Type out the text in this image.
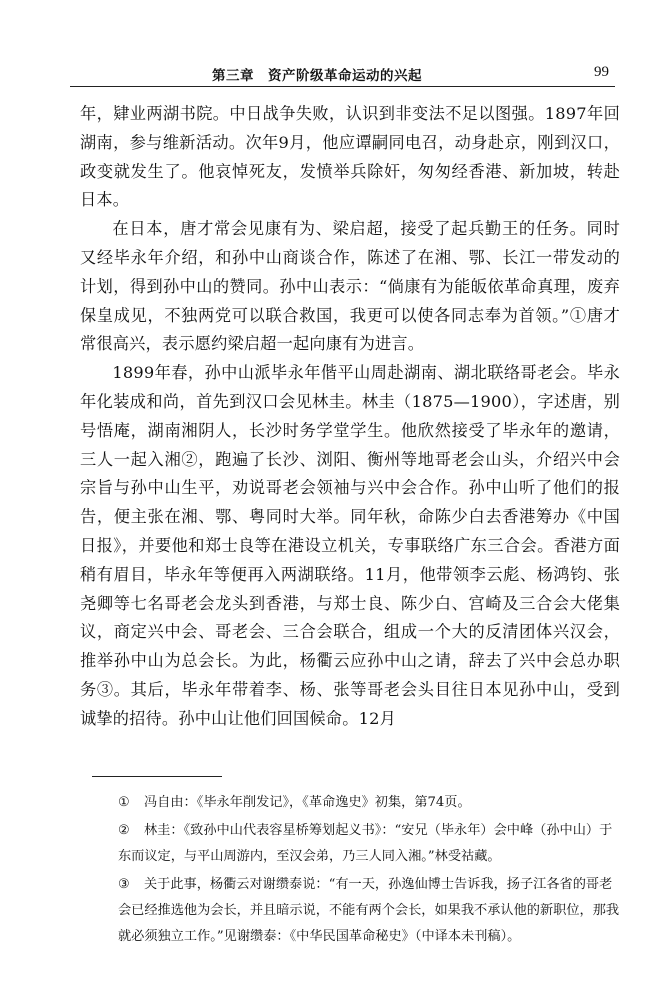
第三章　资产阶级革命运动的兴起	99

年，肄业两湖书院。中日战争失败，认识到非变法不足以图强。1897年回湖南，参与维新活动。次年9月，他应谭嗣同电召，动身赴京，刚到汉口，政变就发生了。他哀悼死友，发愤举兵除奸，匆匆经香港、新加坡，转赴日本。

在日本，唐才常会见康有为、梁启超，接受了起兵勤王的任务。同时又经毕永年介绍，和孙中山商谈合作，陈述了在湘、鄂、长江一带发动的计划，得到孙中山的赞同。孙中山表示：“倘康有为能皈依革命真理，废弃保皇成见，不独两党可以联合救国，我更可以使各同志奉为首领。”①唐才常很高兴，表示愿约梁启超一起向康有为进言。

1899年春，孙中山派毕永年偕平山周赴湖南、湖北联络哥老会。毕永年化装成和尚，首先到汉口会见林圭。林圭（1875—1900），字述唐，别号悟庵，湖南湘阴人，长沙时务学堂学生。他欣然接受了毕永年的邀请，三人一起入湘②，跑遍了长沙、浏阳、衡州等地哥老会山头，介绍兴中会宗旨与孙中山生平，劝说哥老会领袖与兴中会合作。孙中山听了他们的报告，便主张在湘、鄂、粤同时大举。同年秋，命陈少白去香港筹办《中国日报》，并要他和郑士良等在港设立机关，专事联络广东三合会。香港方面稍有眉目，毕永年等便再入两湖联络。11月，他带领李云彪、杨鸿钧、张尧卿等七名哥老会龙头到香港，与郑士良、陈少白、宫崎及三合会大佬集议，商定兴中会、哥老会、三合会联合，组成一个大的反清团体兴汉会，推举孙中山为总会长。为此，杨衢云应孙中山之请，辞去了兴中会总办职务③。其后，毕永年带着李、杨、张等哥老会头目往日本见孙中山，受到诚挚的招待。孙中山让他们回国候命。12月

① 冯自由：《毕永年削发记》，《革命逸史》初集，第74页。

② 林圭：《致孙中山代表容星桥筹划起义书》：“安兄（毕永年）会中峰（孙中山）于东而议定，与平山周游内，至汉会弟，乃三人同入湘。”林受祜藏。

③ 关于此事，杨衢云对谢缵泰说：“有一天，孙逸仙博士告诉我，扬子江各省的哥老会已经推选他为会长，并且暗示说，不能有两个会长，如果我不承认他的新职位，那我就必须独立工作。”见谢缵泰：《中华民国革命秘史》（中译本未刊稿）。
